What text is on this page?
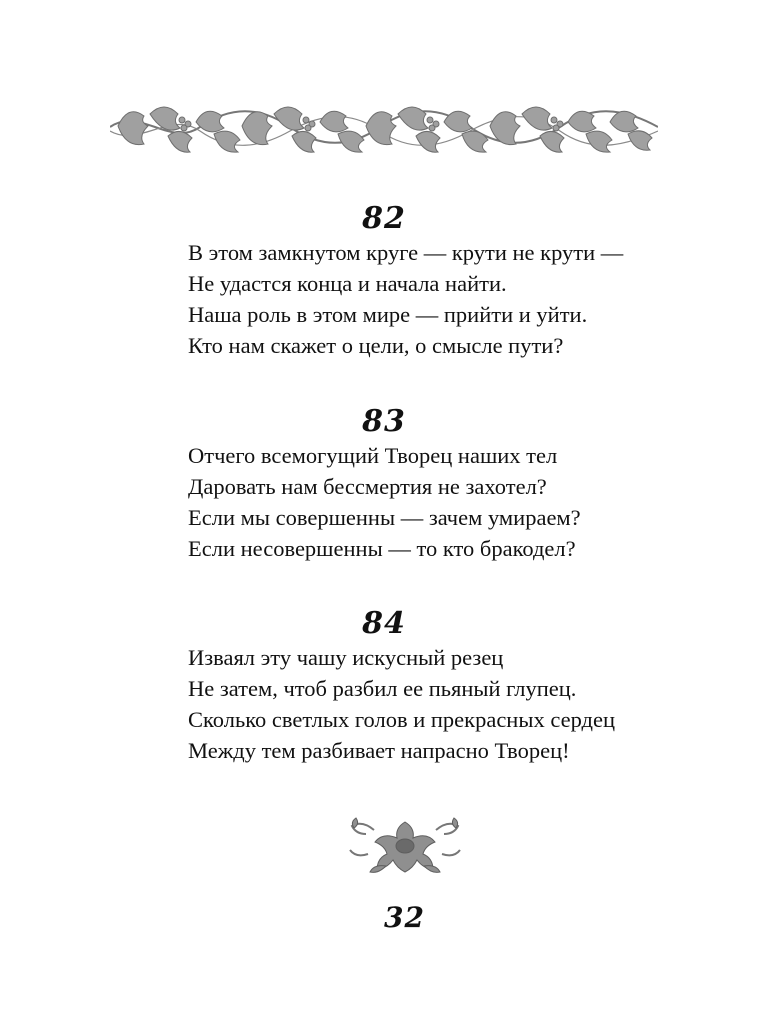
82
В этом замкнутом круге — крути не крути —
Не удастся конца и начала найти.
Наша роль в этом мире — прийти и уйти.
Кто нам скажет о цели, о смысле пути?
83
Отчего всемогущий Творец наших тел
Даровать нам бессмертия не захотел?
Если мы совершенны — зачем умираем?
Если несовершенны — то кто бракодел?
84
Изваял эту чашу искусный резец
Не затем, чтоб разбил ее пьяный глупец.
Сколько светлых голов и прекрасных сердец
Между тем разбивает напрасно Творец!
32
